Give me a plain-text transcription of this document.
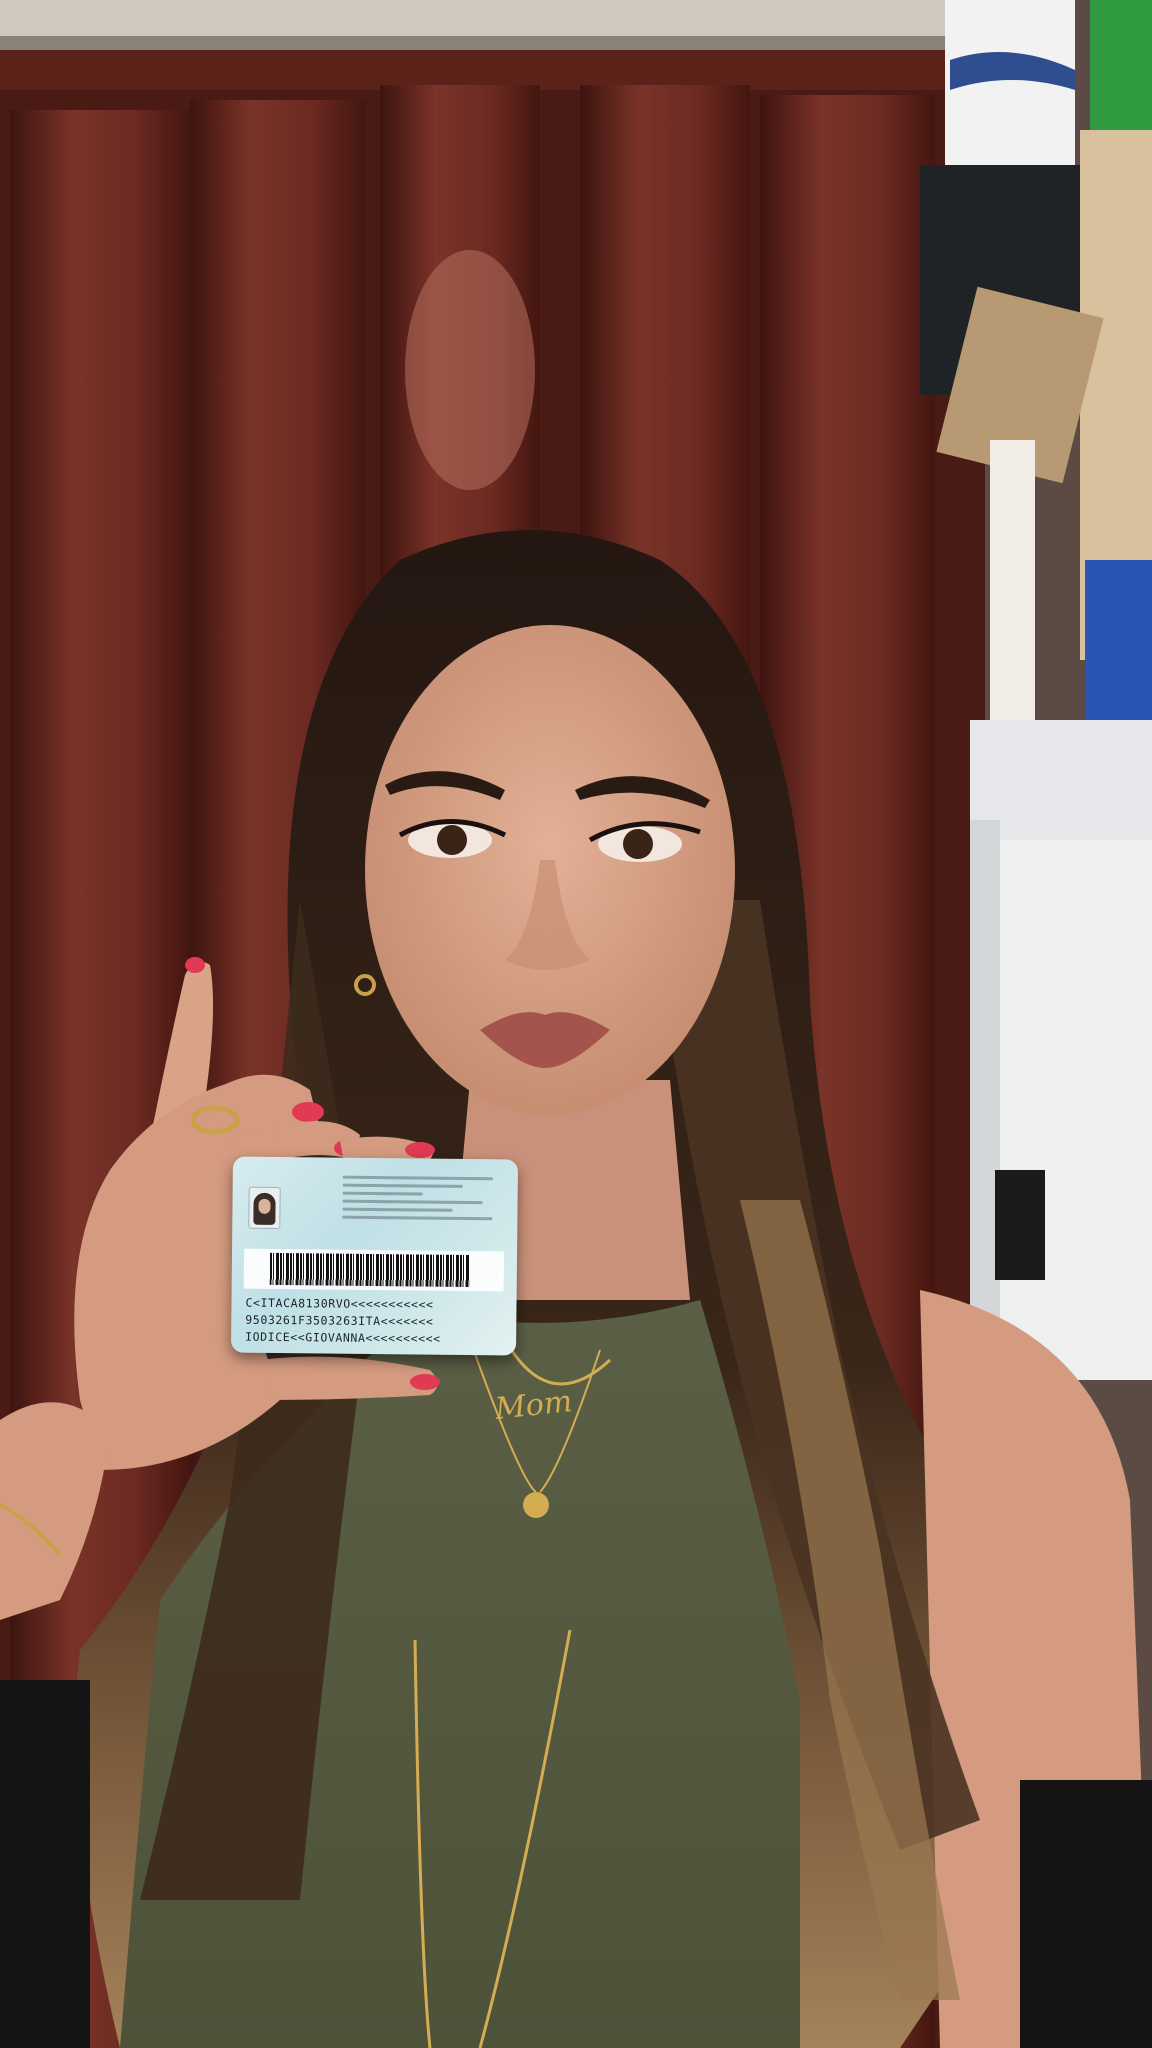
C<ITACA8130RVO<<<<<<<<<<<
9503261F3503263ITA<<<<<<<
IODICE<<GIOVANNA<<<<<<<<<<
Mom
